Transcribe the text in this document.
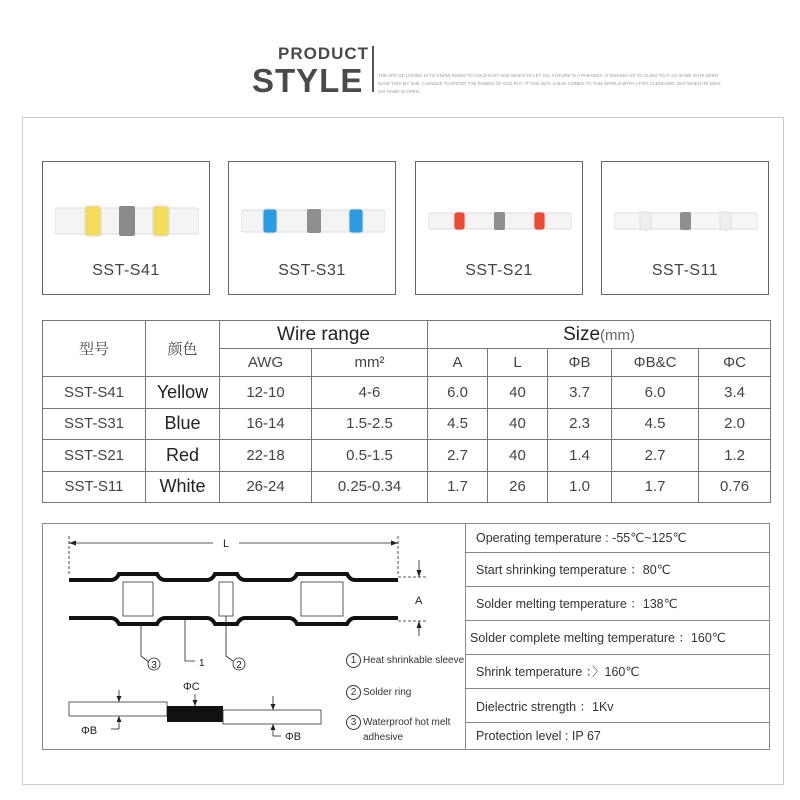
PRODUCT
STYLE	THE ART OF LOVING IS TO KNOW WHEN TO HOLD FAST AND WHEN TO LET GO. FUTURE IS A PARADOX. IT ENDING US TO CLING TO IT AS IN WE GATE BEEN NAVE THIS MY SHE. A SINGLE TO ENTER THE RABBIS OF OLD PUT. IT THIS WAY. A MAN COMES TO THIS WORLD WITH A FIST CLENCHED, BUT WHEN HE DIES, HIS HAND IS OPEN.
SST-S41	SST-S31	SST-S21	SST-S11
型号	颜色	Wire range		Size(mm)				
		AWG	mm²	A	L	ΦB	ΦB&C	ΦC
SST-S41	Yellow	12-10	4-6	6.0	40	3.7	6.0	3.4
SST-S31	Blue	16-14	1.5-2.5	4.5	40	2.3	4.5	2.0
SST-S21	Red	22-18	0.5-1.5	2.7	40	1.4	2.7	1.2
SST-S11	White	26-24	0.25-0.34	1.7	26	1.0	1.7	0.76
L
A
3	1	2
ΦC
ΦB	ΦB
1 Heat shrinkable sleeve
2 Solder ring
3 Waterproof hot melt
adhesive
Operating temperature : -55℃~125℃
Start shrinking temperature ：80℃
Solder melting temperature ：138℃
Solder complete melting temperature ：160℃
Shrink temperature ：〉160℃
Dielectric strength ：1Kv
Protection level : IP 67
